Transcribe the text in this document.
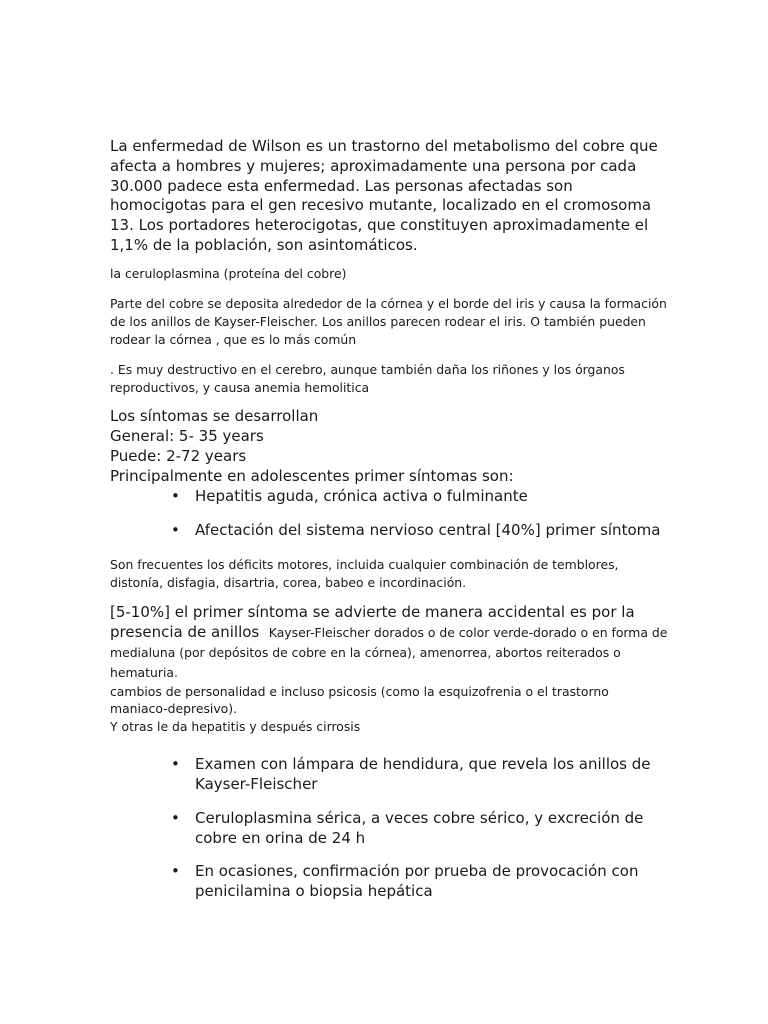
La enfermedad de Wilson es un trastorno del metabolismo del cobre que afecta a hombres y mujeres; aproximadamente una persona por cada 30.000 padece esta enfermedad. Las personas afectadas son homocigotas para el gen recesivo mutante, localizado en el cromosoma 13. Los portadores heterocigotas, que constituyen aproximadamente el 1,1% de la población, son asintomáticos.

la ceruloplasmina (proteína del cobre)

Parte del cobre se deposita alrededor de la córnea y el borde del iris y causa la formación de los anillos de Kayser-Fleischer. Los anillos parecen rodear el iris. O también pueden rodear la córnea , que es lo más común

. Es muy destructivo en el cerebro, aunque también daña los riñones y los órganos reproductivos, y causa anemia hemolitica

Los síntomas se desarrollan

General: 5- 35 years

Puede: 2-72 years

Principalmente en adolescentes primer síntomas son:

• Hepatitis aguda, crónica activa o fulminante
• Afectación del sistema nervioso central [40%] primer síntoma

Son frecuentes los déficits motores, incluida cualquier combinación de temblores, distonía, disfagia, disartria, corea, babeo e incordinación.

[5-10%] el primer síntoma se advierte de manera accidental es por la presencia de anillos Kayser-Fleischer dorados o de color verde-dorado o en forma de medialuna (por depósitos de cobre en la córnea), amenorrea, abortos reiterados o hematuria.

cambios de personalidad e incluso psicosis (como la esquizofrenia o el trastorno maniaco-depresivo).

Y otras le da hepatitis y después cirrosis

• Examen con lámpara de hendidura, que revela los anillos de Kayser-Fleischer
• Ceruloplasmina sérica, a veces cobre sérico, y excreción de cobre en orina de 24 h
• En ocasiones, confirmación por prueba de provocación con penicilamina o biopsia hepática
